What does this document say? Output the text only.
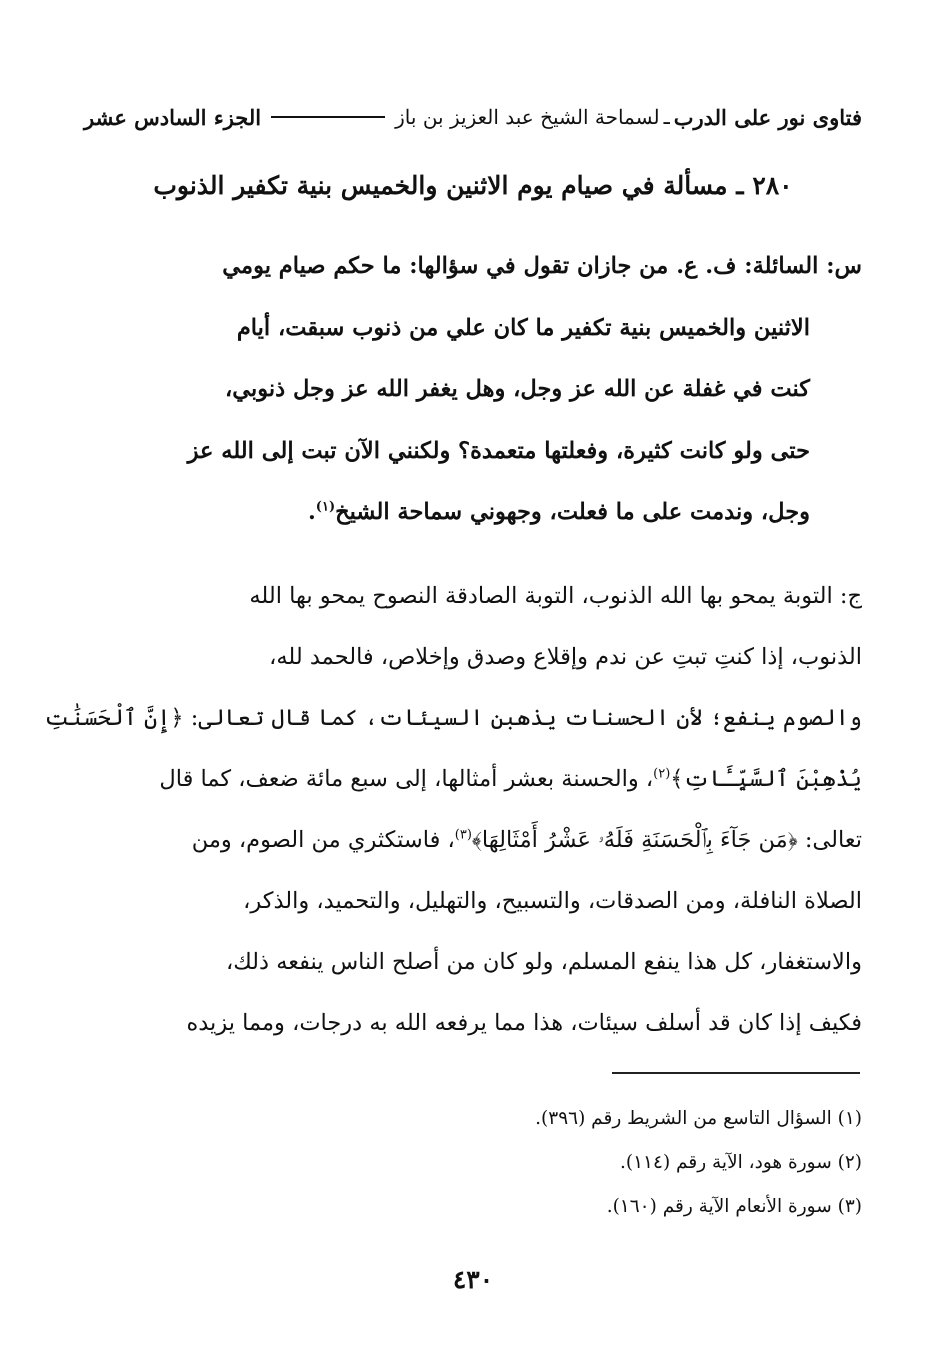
فتاوى نور على الدرب
ـ
لسماحة الشيخ عبد العزيز بن باز
الجزء السادس عشر
٢٨٠ ـ مسألة في صيام يوم الاثنين والخميس بنية تكفير الذنوب
س: السائلة: ف. ع. من جازان تقول في سؤالها: ما حكم صيام يومي
الاثنين والخميس بنية تكفير ما كان علي من ذنوب سبقت، أيام
كنت في غفلة عن الله عز وجل، وهل يغفر الله عز وجل ذنوبي،
حتى ولو كانت كثيرة، وفعلتها متعمدة؟ ولكنني الآن تبت إلى الله عز
وجل، وندمت على ما فعلت، وجهوني سماحة الشيخ$^{(١)}$.
ج: التوبة يمحو بها الله الذنوب، التوبة الصادقة النصوح يمحو بها الله
الذنوب، إذا كنتِ تبتِ عن ندم وإقلاع وصدق وإخلاص، فالحمد لله،
والصوم ينفع؛ لأن الحسنات يذهبن السيئات، كما قال تعالى: ﴿إِنَّ ٱلْحَسَنَٰتِ
يُذْهِبْنَ ٱلسَّيِّـَٔاتِ﴾$^{(٢)}$، والحسنة بعشر أمثالها، إلى سبع مائة ضعف، كما قال
تعالى: ﴿مَن جَآءَ بِٱلْحَسَنَةِ فَلَهُۥ عَشْرُ أَمْثَالِهَا﴾$^{(٣)}$، فاستكثري من الصوم، ومن
الصلاة النافلة، ومن الصدقات، والتسبيح، والتهليل، والتحميد، والذكر،
والاستغفار، كل هذا ينفع المسلم، ولو كان من أصلح الناس ينفعه ذلك،
فكيف إذا كان قد أسلف سيئات، هذا مما يرفعه الله به درجات، ومما يزيده
(١) السؤال التاسع من الشريط رقم (٣٩٦).
(٢) سورة هود، الآية رقم (١١٤).
(٣) سورة الأنعام الآية رقم (١٦٠).
٤٣٠
